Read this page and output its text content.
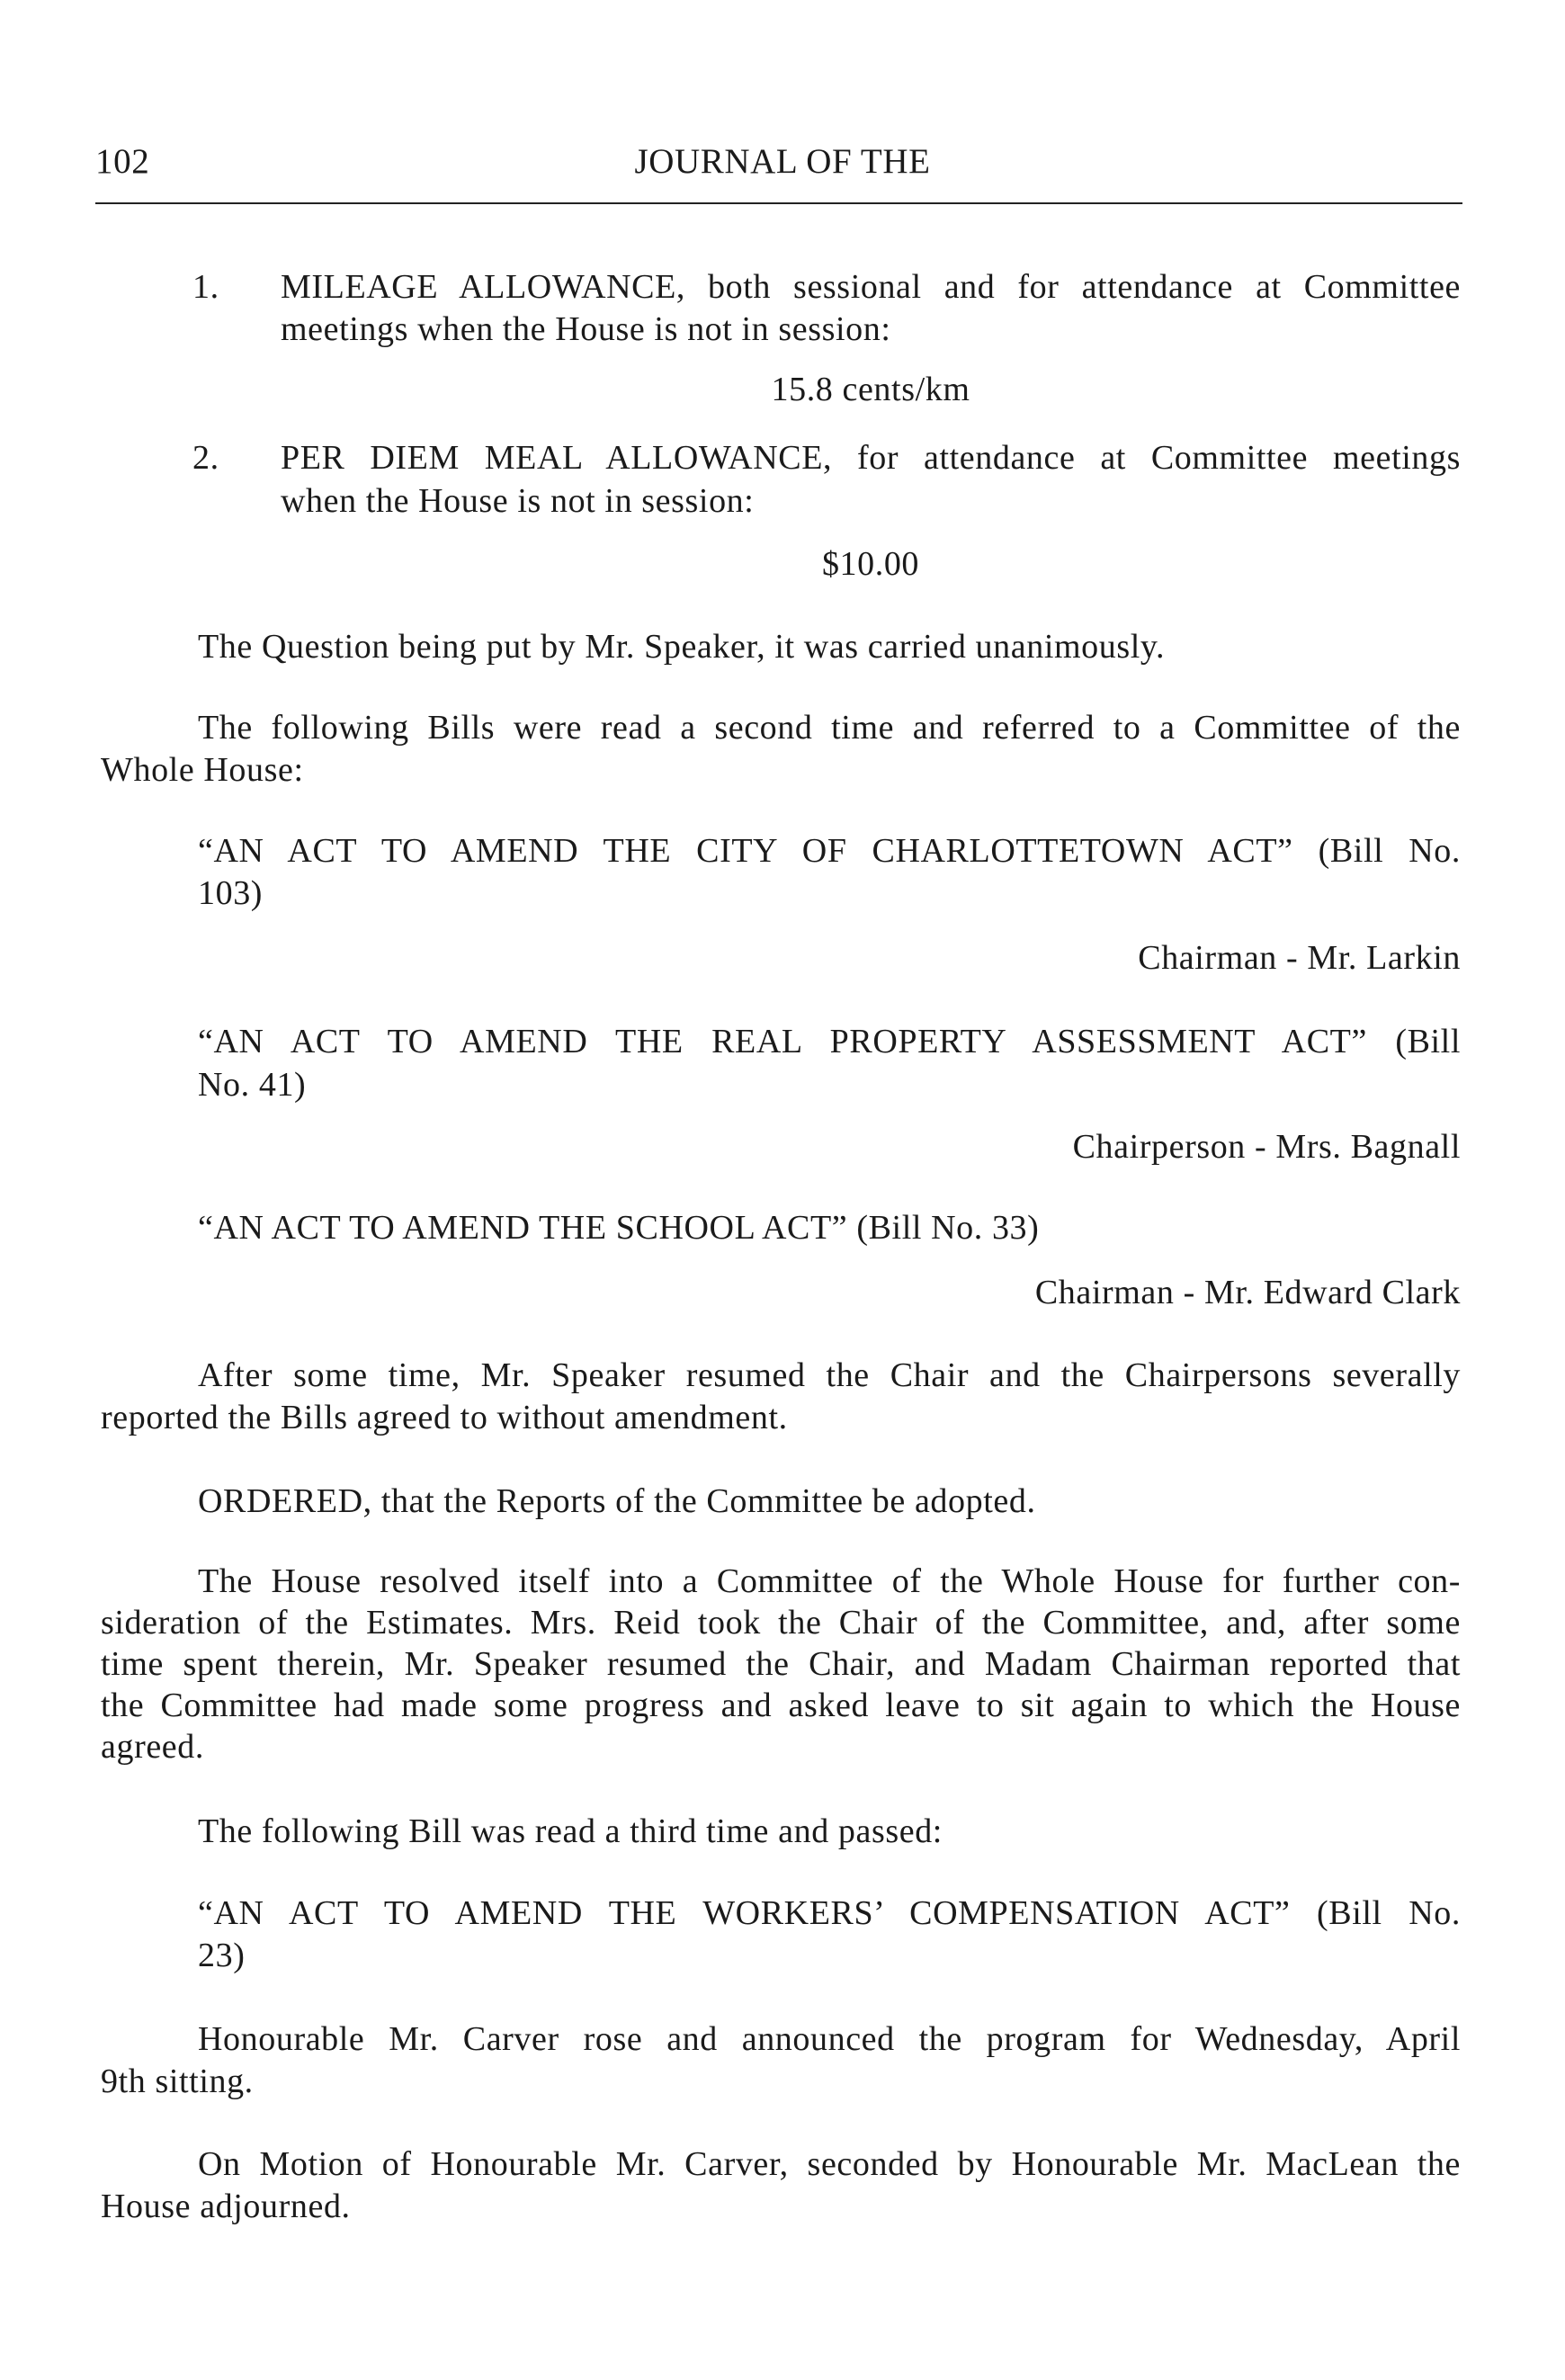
102	JOURNAL OF THE
1. MILEAGE ALLOWANCE, both sessional and for attendance at Committee
meetings when the House is not in session:
15.8 cents/km
2. PER DIEM MEAL ALLOWANCE, for attendance at Committee meetings
when the House is not in session:
$10.00
The Question being put by Mr. Speaker, it was carried unanimously.
The following Bills were read a second time and referred to a Committee of the
Whole House:
“AN ACT TO AMEND THE CITY OF CHARLOTTETOWN ACT” (Bill No.
103)
Chairman - Mr. Larkin
“AN ACT TO AMEND THE REAL PROPERTY ASSESSMENT ACT” (Bill
No. 41)
Chairperson - Mrs. Bagnall
“AN ACT TO AMEND THE SCHOOL ACT” (Bill No. 33)
Chairman - Mr. Edward Clark
After some time, Mr. Speaker resumed the Chair and the Chairpersons severally
reported the Bills agreed to without amendment.
ORDERED, that the Reports of the Committee be adopted.
The House resolved itself into a Committee of the Whole House for further con-
sideration of the Estimates. Mrs. Reid took the Chair of the Committee, and, after some
time spent therein, Mr. Speaker resumed the Chair, and Madam Chairman reported that
the Committee had made some progress and asked leave to sit again to which the House
agreed.
The following Bill was read a third time and passed:
“AN ACT TO AMEND THE WORKERS’ COMPENSATION ACT” (Bill No.
23)
Honourable Mr. Carver rose and announced the program for Wednesday, April
9th sitting.
On Motion of Honourable Mr. Carver, seconded by Honourable Mr. MacLean the
House adjourned.
